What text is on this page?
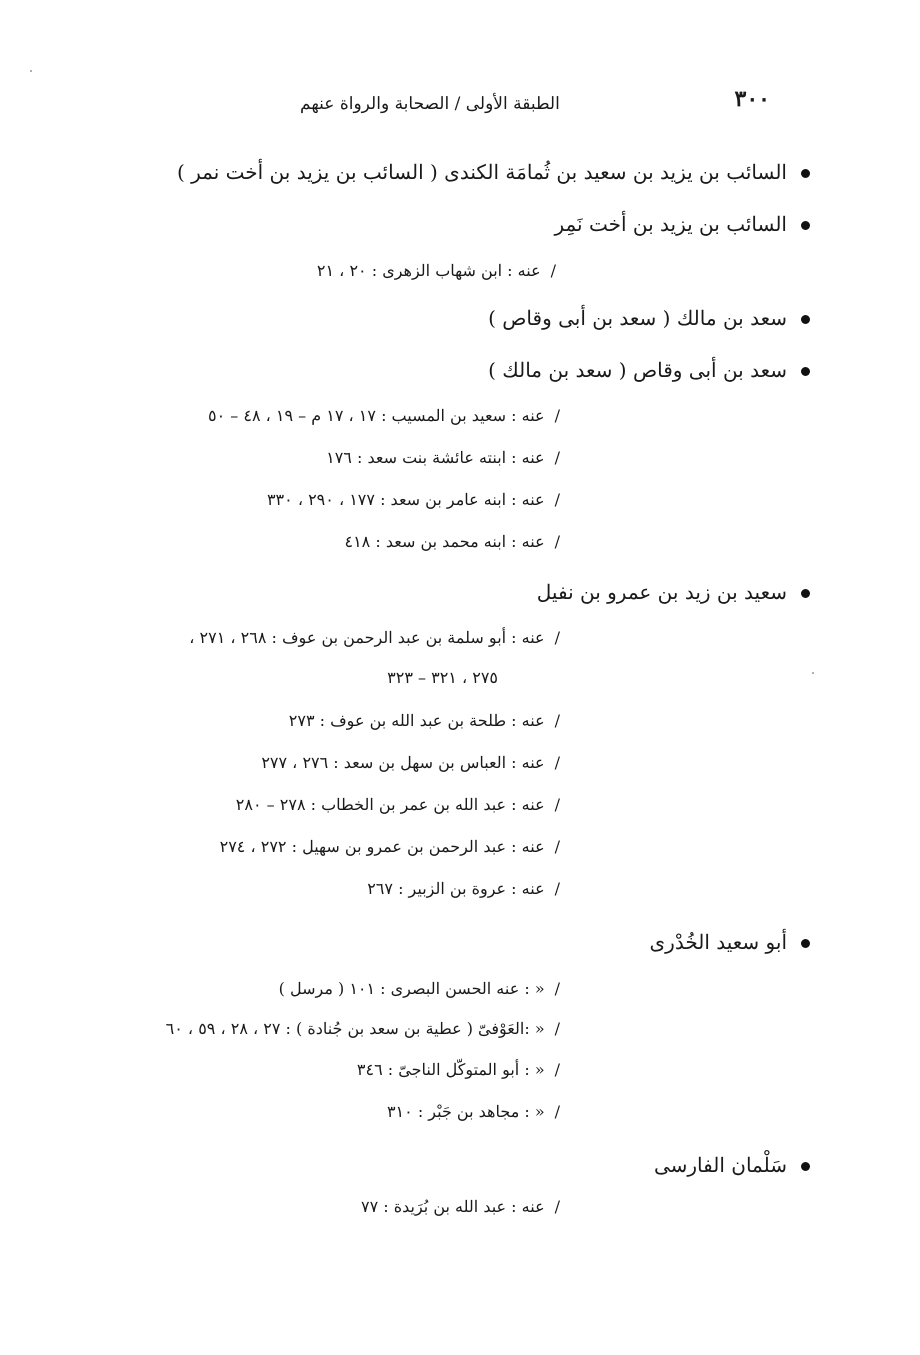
٣٠٠
الطبقة الأولى / الصحابة والرواة عنهم
السائب بن يزيد بن سعيد بن ثُمامَة الكندى ( السائب بن يزيد بن أخت نمر )
السائب بن يزيد بن أخت نَمِر
/عنه : ابن شهاب الزهرى : ٢٠ ، ٢١
سعد بن مالك ( سعد بن أبى وقاص )
سعد بن أبى وقاص ( سعد بن مالك )
/عنه : سعيد بن المسيب : ١٧ ، ١٧ م – ١٩ ، ٤٨ – ٥٠
/عنه : ابنته عائشة بنت سعد : ١٧٦
/عنه : ابنه عامر بن سعد : ١٧٧ ، ٢٩٠ ، ٣٣٠
/عنه : ابنه محمد بن سعد : ٤١٨
سعيد بن زيد بن عمرو بن نفيل
/عنه : أبو سلمة بن عبد الرحمن بن عوف : ٢٦٨ ، ٢٧١ ،
٢٧٥ ، ٣٢١ – ٣٢٣
/عنه : طلحة بن عبد الله بن عوف : ٢٧٣
/عنه : العباس بن سهل بن سعد : ٢٧٦ ، ٢٧٧
/عنه : عبد الله بن عمر بن الخطاب : ٢٧٨ – ٢٨٠
/عنه : عبد الرحمن بن عمرو بن سهيل : ٢٧٢ ، ٢٧٤
/عنه : عروة بن الزبير : ٢٦٧
أبو سعيد الخُدْرى
/« : عنه الحسن البصرى : ١٠١ ( مرسل )
/« :العَوْفىّ ( عطية بن سعد بن جُنادة ) : ٢٧ ، ٢٨ ، ٥٩ ، ٦٠
/« : أبو المتوكّل الناجىّ : ٣٤٦
/« : مجاهد بن جَبْر : ٣١٠
سَلْمان الفارسى
/عنه : عبد الله بن بُرَيدة : ٧٧
